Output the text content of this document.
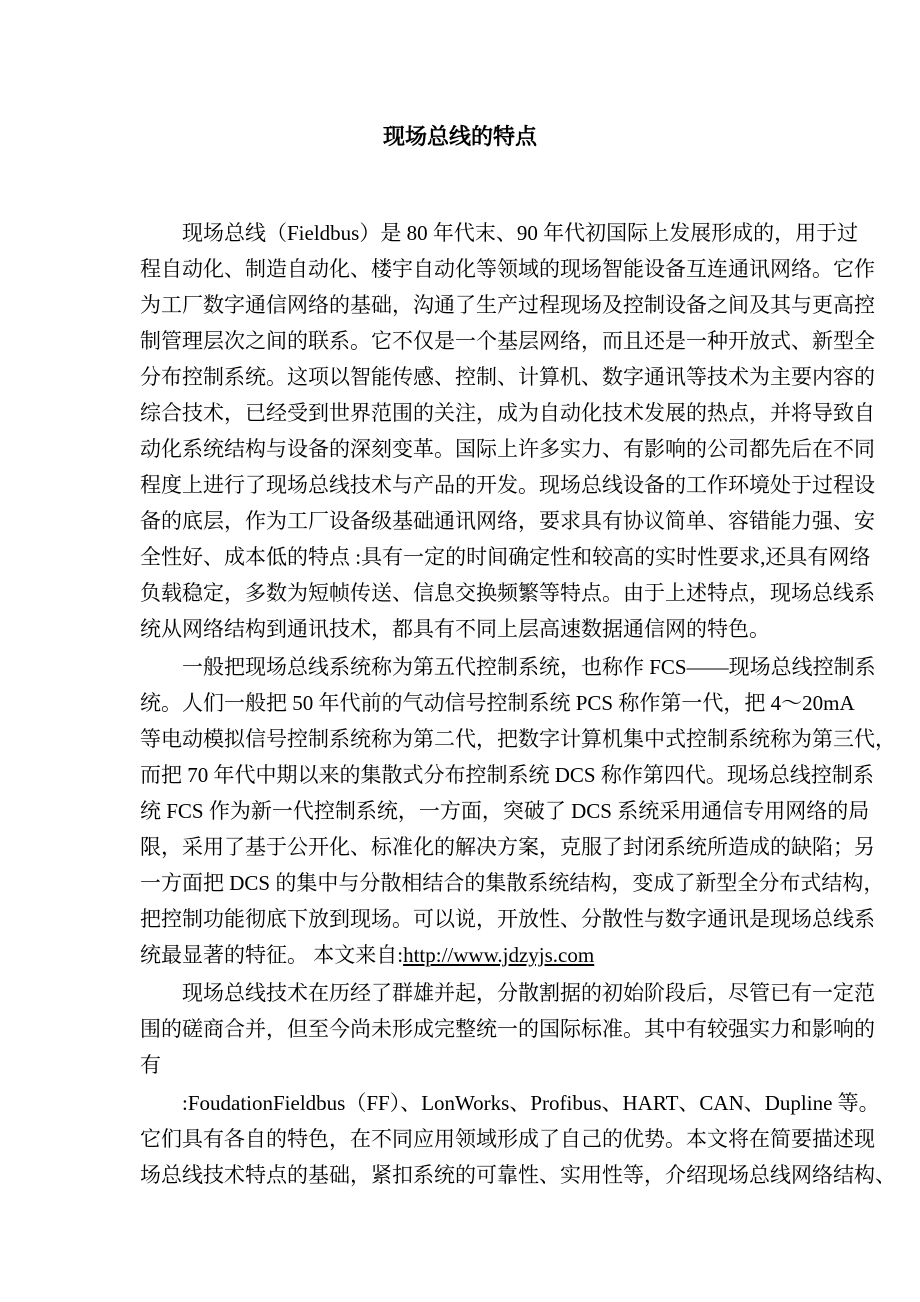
现场总线的特点
现场总线（Fieldbus）是 80 年代末、90 年代初国际上发展形成的，用于过
程自动化、制造自动化、楼宇自动化等领域的现场智能设备互连通讯网络。它作
为工厂数字通信网络的基础，沟通了生产过程现场及控制设备之间及其与更高控
制管理层次之间的联系。它不仅是一个基层网络，而且还是一种开放式、新型全
分布控制系统。这项以智能传感、控制、计算机、数字通讯等技术为主要内容的
综合技术，已经受到世界范围的关注，成为自动化技术发展的热点，并将导致自
动化系统结构与设备的深刻变革。国际上许多实力、有影响的公司都先后在不同
程度上进行了现场总线技术与产品的开发。现场总线设备的工作环境处于过程设
备的底层，作为工厂设备级基础通讯网络，要求具有协议简单、容错能力强、安
全性好、成本低的特点 :具有一定的时间确定性和较高的实时性要求,还具有网络
负载稳定，多数为短帧传送、信息交换频繁等特点。由于上述特点，现场总线系
统从网络结构到通讯技术，都具有不同上层高速数据通信网的特色。
一般把现场总线系统称为第五代控制系统，也称作 FCS——现场总线控制系
统。人们一般把 50 年代前的气动信号控制系统 PCS 称作第一代，把 4～20mA
等电动模拟信号控制系统称为第二代，把数字计算机集中式控制系统称为第三代，
而把 70 年代中期以来的集散式分布控制系统 DCS 称作第四代。现场总线控制系
统 FCS 作为新一代控制系统，一方面，突破了 DCS 系统采用通信专用网络的局
限，采用了基于公开化、标准化的解决方案，克服了封闭系统所造成的缺陷；另
一方面把 DCS 的集中与分散相结合的集散系统结构，变成了新型全分布式结构，
把控制功能彻底下放到现场。可以说，开放性、分散性与数字通讯是现场总线系
统最显著的特征。 本文来自:http://www.jdzyjs.com
现场总线技术在历经了群雄并起，分散割据的初始阶段后，尽管已有一定范
围的磋商合并，但至今尚未形成完整统一的国际标准。其中有较强实力和影响的
有
:FoudationFieldbus（FF）、LonWorks、Profibus、HART、CAN、Dupline 等。
它们具有各自的特色，在不同应用领域形成了自己的优势。本文将在简要描述现
场总线技术特点的基础，紧扣系统的可靠性、实用性等，介绍现场总线网络结构、
